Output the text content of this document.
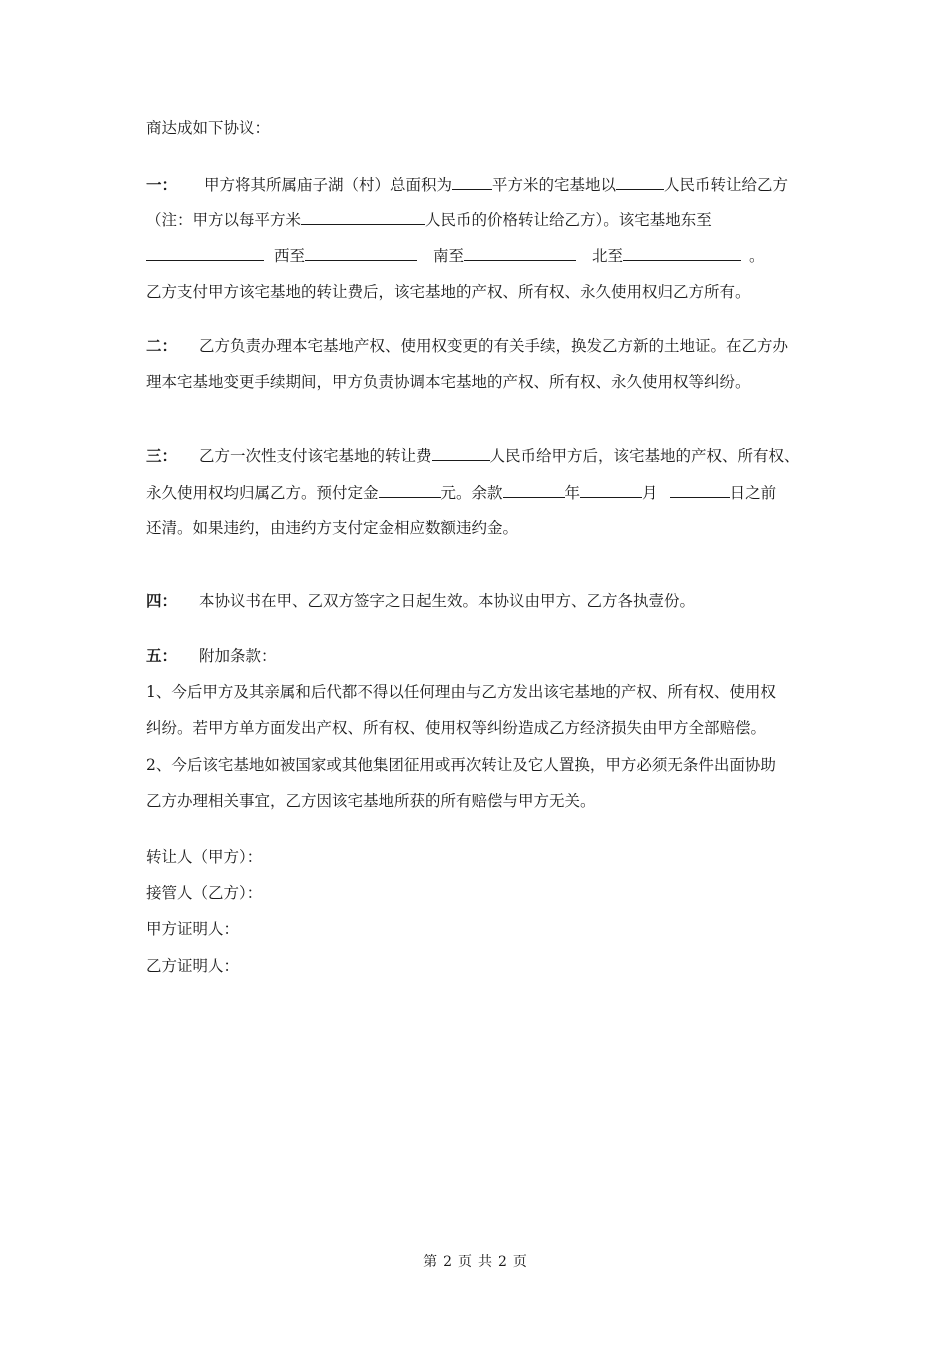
商达成如下协议：
一： 甲方将其所属庙子湖（村）总面积为	平方米的宅基地以	人民币转让给乙方
（注：甲方以每平方米	人民币的价格转让给乙方）。该宅基地东至
西至	南至	北至	。
乙方支付甲方该宅基地的转让费后，该宅基地的产权、所有权、永久使用权归乙方所有。
二： 乙方负责办理本宅基地产权、使用权变更的有关手续，换发乙方新的土地证。在乙方办
理本宅基地变更手续期间，甲方负责协调本宅基地的产权、所有权、永久使用权等纠纷。
三： 乙方一次性支付该宅基地的转让费	人民币给甲方后，该宅基地的产权、所有权、
永久使用权均归属乙方。预付定金	元。余款	年	月	日之前
还清。如果违约，由违约方支付定金相应数额违约金。
四： 本协议书在甲、乙双方签字之日起生效。本协议由甲方、乙方各执壹份。
五： 附加条款：
1、今后甲方及其亲属和后代都不得以任何理由与乙方发出该宅基地的产权、所有权、使用权
纠纷。若甲方单方面发出产权、所有权、使用权等纠纷造成乙方经济损失由甲方全部赔偿。
2、今后该宅基地如被国家或其他集团征用或再次转让及它人置换，甲方必须无条件出面协助
乙方办理相关事宜，乙方因该宅基地所获的所有赔偿与甲方无关。
转让人（甲方）：
接管人（乙方）：
甲方证明人：
乙方证明人：
第 2 页 共 2 页
